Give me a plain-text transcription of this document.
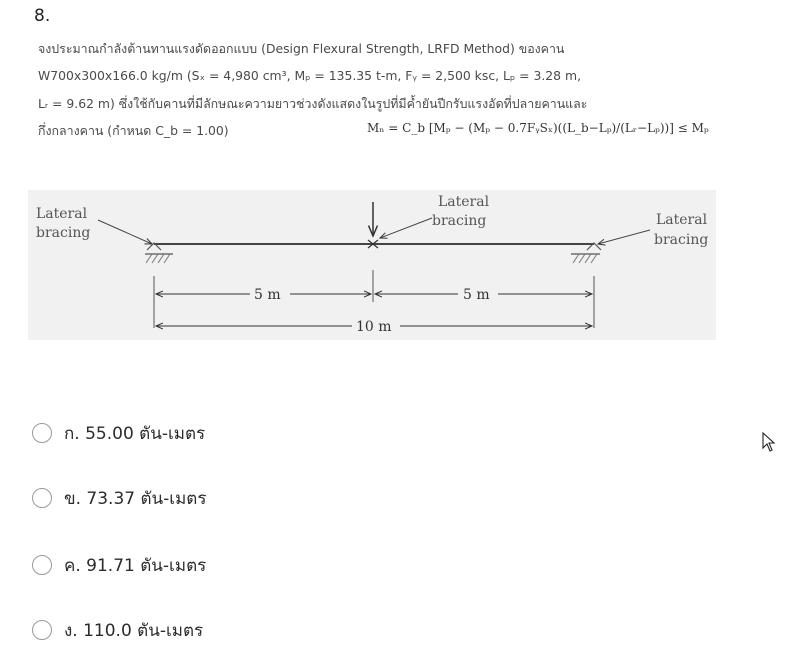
8.
จงประมาณกำลังต้านทานแรงดัดออกแบบ (Design Flexural Strength, LRFD Method) ของคาน
W700x300x166.0 kg/m (Sₓ = 4,980 cm³, Mₚ = 135.35 t-m, Fᵧ = 2,500 ksc, Lₚ = 3.28 m,
Lᵣ = 9.62 m) ซึ่งใช้กับคานที่มีลักษณะความยาวช่วงดังแสดงในรูปที่มีค้ำยันปีกรับแรงอัดที่ปลายคานและ
กึ่งกลางคาน (กำหนด C_b = 1.00)	Mₙ = C_b [Mₚ − (Mₚ − 0.7FᵧSₓ)((L_b−Lₚ)/(Lᵣ−Lₚ))] ≤ Mₚ
Lateral
bracing
Lateral
bracing	Lateral
bracing
5 m	5 m
10 m
ก. 55.00 ตัน-เมตร
ข. 73.37 ตัน-เมตร
ค. 91.71 ตัน-เมตร
ง. 110.0 ตัน-เมตร
